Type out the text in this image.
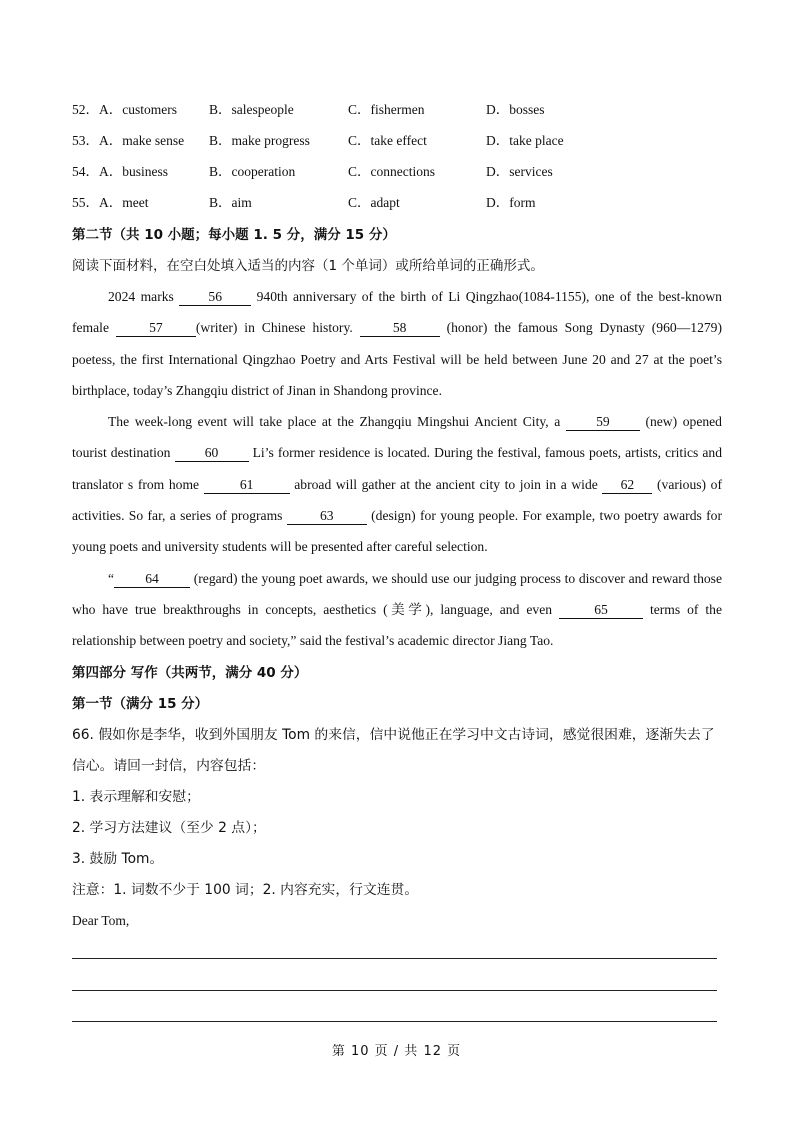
52．A．customers B．salespeople	C．fishermen	D．bosses
53．A．make sense B．make progress	C．take effect	D．take place
54．A．business	B．cooperation	C．connections	D．services
55．A．meet	B．aim	C．adapt	D．form
第二节（共 10 小题；每小题 1. 5 分，满分 15 分）
阅读下面材料，在空白处填入适当的内容（1 个单词）或所给单词的正确形式。

2024 marks 56 940th anniversary of the birth of Li Qingzhao(1084-1155), one of the best-known female 57 (writer) in Chinese history. 58 (honor) the famous Song Dynasty (960—1279) poetess, the first International Qingzhao Poetry and Arts Festival will be held between June 20 and 27 at the poet’s birthplace, today’s Zhangqiu district of Jinan in Shandong province.

The week-long event will take place at the Zhangqiu Mingshui Ancient City, a 59 (new) opened tourist destination 60 Li’s former residence is located. During the festival, famous poets, artists, critics and translator s from home	61	abroad will gather at the ancient city to join in a wide 62 (various) of activities. So far, a series of programs 63 (design) for young people. For example, two poetry awards for young poets and university students will be presented after careful selection.

“ 64 (regard) the young poet awards, we should use our judging process to discover and reward those who have true breakthroughs in concepts, aesthetics (美学), language, and even	65	terms of the relationship between poetry and society,” said the festival’s academic director Jiang Tao.

第四部分 写作（共两节，满分 40 分）
第一节（满分 15 分）
66. 假如你是李华，收到外国朋友 Tom 的来信，信中说他正在学习中文古诗词，感觉很困难，逐渐失去了
信心。请回一封信，内容包括：
1. 表示理解和安慰；
2. 学习方法建议（至少 2 点）；
3. 鼓励 Tom。
注意：1. 词数不少于 100 词；2. 内容充实，行文连贯。
Dear Tom,
第 10 页 / 共 12 页
